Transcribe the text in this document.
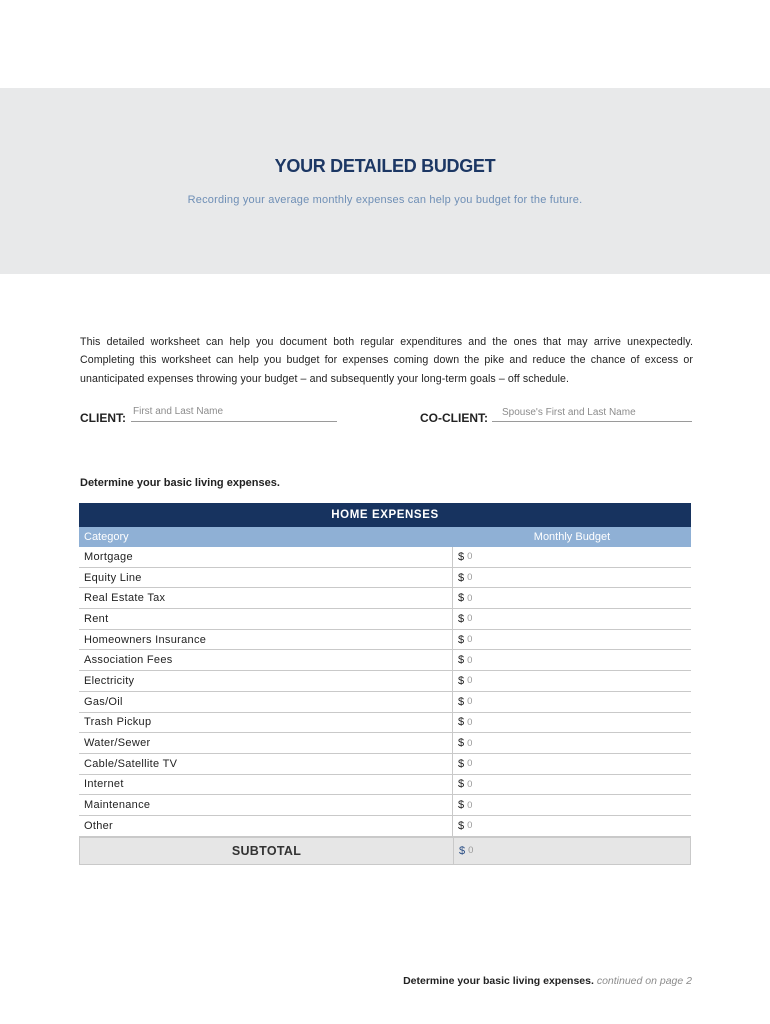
YOUR DETAILED BUDGET
Recording your average monthly expenses can help you budget for the future.

This detailed worksheet can help you document both regular expenditures and the ones that may arrive unexpectedly. Completing this worksheet can help you budget for expenses coming down the pike and reduce the chance of excess or unanticipated expenses throwing your budget – and subsequently your long-term goals – off schedule.

CLIENT: First and Last Name	CO-CLIENT: Spouse's First and Last Name
Determine your basic living expenses.
HOME EXPENSES
Category	Monthly Budget
Mortgage	$ 0
Equity Line	$ 0
Real Estate Tax	$ 0
Rent	$ 0
Homeowners Insurance	$ 0
Association Fees	$ 0
Electricity	$ 0
Gas/Oil	$ 0
Trash Pickup	$ 0
Water/Sewer	$ 0
Cable/Satellite TV	$ 0
Internet	$ 0
Maintenance	$ 0
Other	$ 0
SUBTOTAL	$ 0
Determine your basic living expenses. continued on page 2
